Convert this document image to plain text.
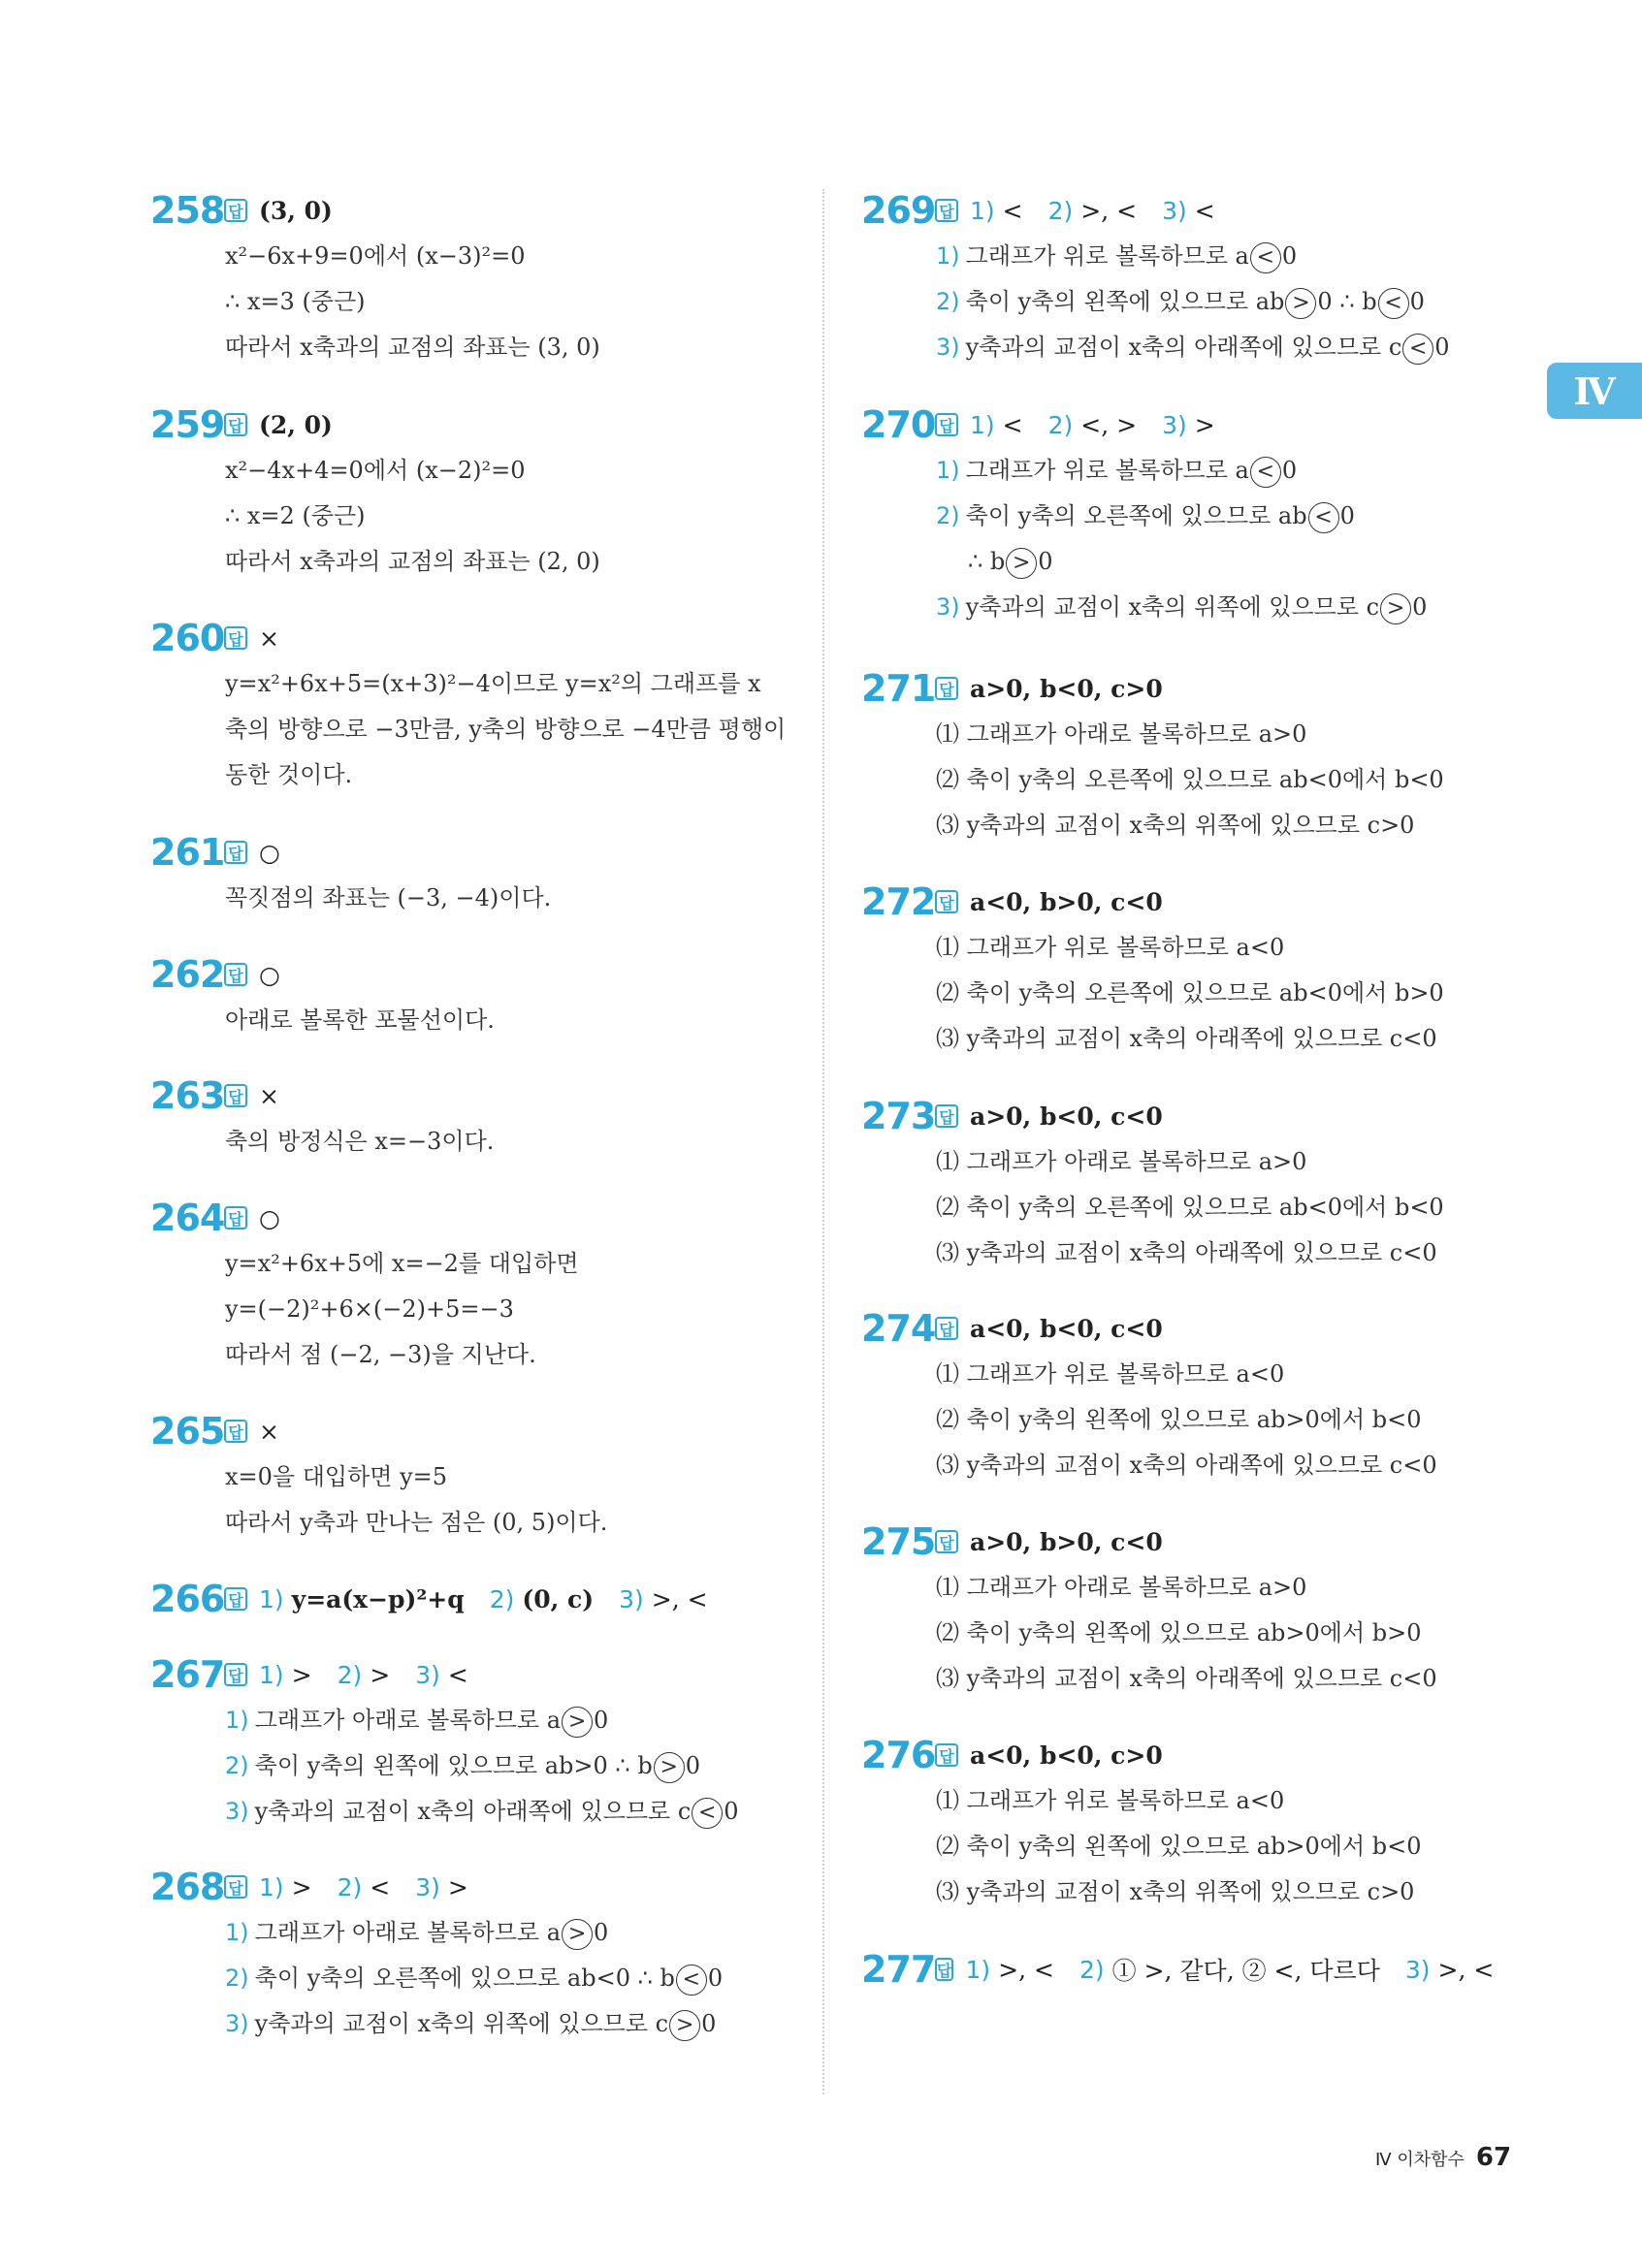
Ⅳ
258 답 (3, 0)
x²−6x+9=0에서 (x−3)²=0
∴ x=3 (중근)
따라서 x축과의 교점의 좌표는 (3, 0)
259 답 (2, 0)
x²−4x+4=0에서 (x−2)²=0
∴ x=2 (중근)
따라서 x축과의 교점의 좌표는 (2, 0)
260 답 ×
y=x²+6x+5=(x+3)²−4이므로 y=x²의 그래프를 x
축의 방향으로 −3만큼, y축의 방향으로 −4만큼 평행이
동한 것이다.
261 답 ○
꼭짓점의 좌표는 (−3, −4)이다.
262 답 ○
아래로 볼록한 포물선이다.
263 답 ×
축의 방정식은 x=−3이다.
264 답 ○
y=x²+6x+5에 x=−2를 대입하면
y=(−2)²+6×(−2)+5=−3
따라서 점 (−2, −3)을 지난다.
265 답 ×
x=0을 대입하면 y=5
따라서 y축과 만나는 점은 (0, 5)이다.
266 답 1) y=a(x−p)²+q 2) (0, c) 3) >, <
267 답 1) > 2) > 3) <
1) 그래프가 아래로 볼록하므로 a > 0
2) 축이 y축의 왼쪽에 있으므로 ab>0 ∴ b > 0
3) y축과의 교점이 x축의 아래쪽에 있으므로 c < 0
268 답 1) > 2) < 3) >
1) 그래프가 아래로 볼록하므로 a > 0
2) 축이 y축의 오른쪽에 있으므로 ab<0 ∴ b < 0
3) y축과의 교점이 x축의 위쪽에 있으므로 c > 0
269 답 1) < 2) >, < 3) <
1) 그래프가 위로 볼록하므로 a < 0
2) 축이 y축의 왼쪽에 있으므로 ab > 0 ∴ b < 0
3) y축과의 교점이 x축의 아래쪽에 있으므로 c < 0
270 답 1) < 2) <, > 3) >
1) 그래프가 위로 볼록하므로 a < 0
2) 축이 y축의 오른쪽에 있으므로 ab < 0
∴ b > 0
3) y축과의 교점이 x축의 위쪽에 있으므로 c > 0
271 답 a>0, b<0, c>0
⑴ 그래프가 아래로 볼록하므로 a>0
⑵ 축이 y축의 오른쪽에 있으므로 ab<0에서 b<0
⑶ y축과의 교점이 x축의 위쪽에 있으므로 c>0
272 답 a<0, b>0, c<0
⑴ 그래프가 위로 볼록하므로 a<0
⑵ 축이 y축의 오른쪽에 있으므로 ab<0에서 b>0
⑶ y축과의 교점이 x축의 아래쪽에 있으므로 c<0
273 답 a>0, b<0, c<0
⑴ 그래프가 아래로 볼록하므로 a>0
⑵ 축이 y축의 오른쪽에 있으므로 ab<0에서 b<0
⑶ y축과의 교점이 x축의 아래쪽에 있으므로 c<0
274 답 a<0, b<0, c<0
⑴ 그래프가 위로 볼록하므로 a<0
⑵ 축이 y축의 왼쪽에 있으므로 ab>0에서 b<0
⑶ y축과의 교점이 x축의 아래쪽에 있으므로 c<0
275 답 a>0, b>0, c<0
⑴ 그래프가 아래로 볼록하므로 a>0
⑵ 축이 y축의 왼쪽에 있으므로 ab>0에서 b>0
⑶ y축과의 교점이 x축의 아래쪽에 있으므로 c<0
276 답 a<0, b<0, c>0
⑴ 그래프가 위로 볼록하므로 a<0
⑵ 축이 y축의 왼쪽에 있으므로 ab>0에서 b<0
⑶ y축과의 교점이 x축의 위쪽에 있으므로 c>0
277 답 1) >, < 2) ① >, 같다, ② <, 다르다 3) >, <
Ⅳ 이차함수 67
